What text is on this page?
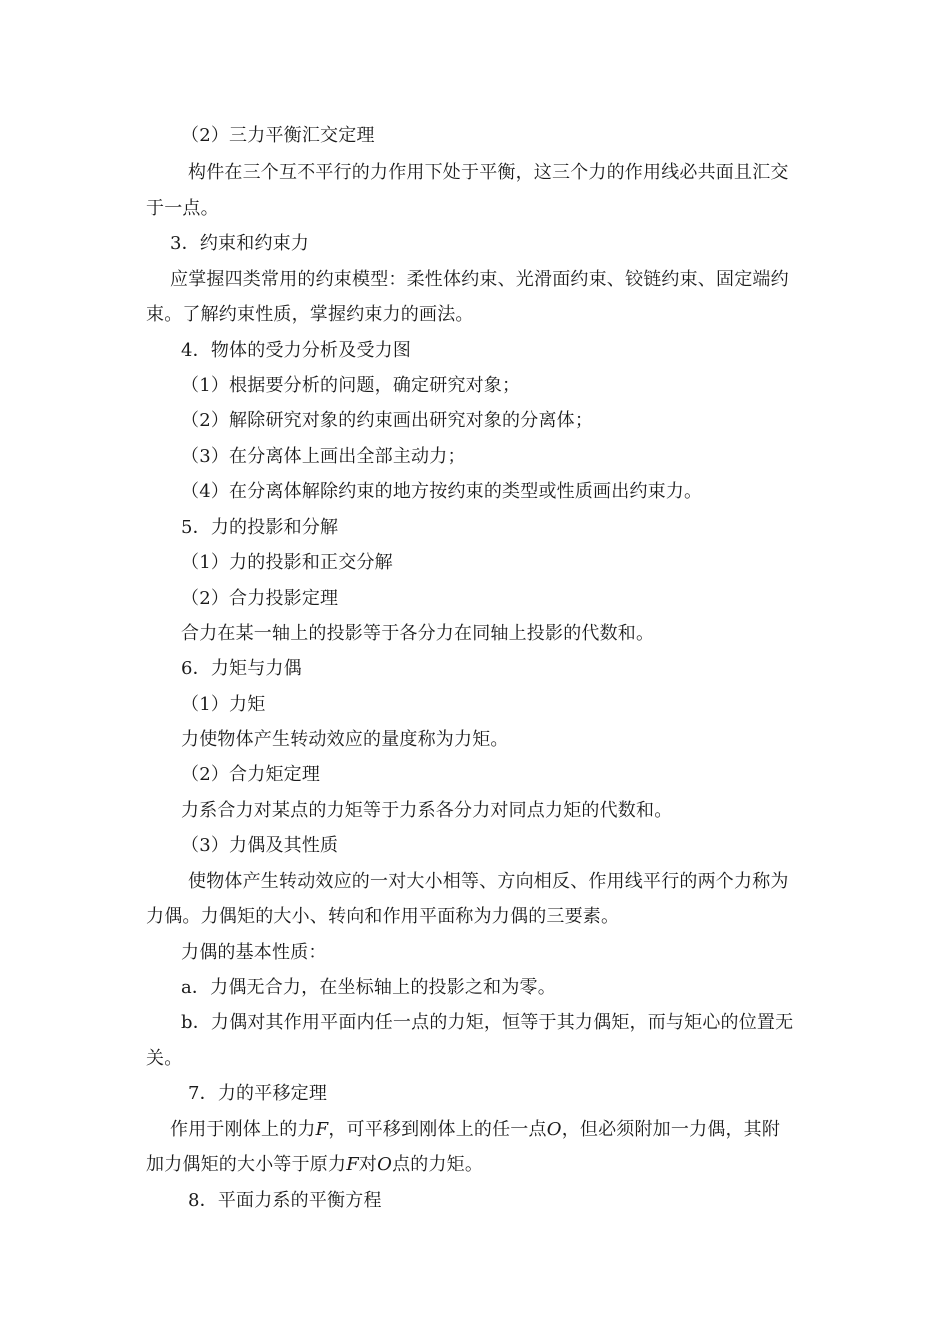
（2）三力平衡汇交定理
构件在三个互不平行的力作用下处于平衡，这三个力的作用线必共面且汇交
于一点。
3．约束和约束力
应掌握四类常用的约束模型：柔性体约束、光滑面约束、铰链约束、固定端约
束。了解约束性质，掌握约束力的画法。
4．物体的受力分析及受力图
（1）根据要分析的问题，确定研究对象；
（2）解除研究对象的约束画出研究对象的分离体；
（3）在分离体上画出全部主动力；
（4）在分离体解除约束的地方按约束的类型或性质画出约束力。
5．力的投影和分解
（1）力的投影和正交分解
（2）合力投影定理
合力在某一轴上的投影等于各分力在同轴上投影的代数和。
6．力矩与力偶
（1）力矩
力使物体产生转动效应的量度称为力矩。
（2）合力矩定理
力系合力对某点的力矩等于力系各分力对同点力矩的代数和。
（3）力偶及其性质
使物体产生转动效应的一对大小相等、方向相反、作用线平行的两个力称为
力偶。力偶矩的大小、转向和作用平面称为力偶的三要素。
力偶的基本性质：
a．力偶无合力，在坐标轴上的投影之和为零。
b．力偶对其作用平面内任一点的力矩，恒等于其力偶矩，而与矩心的位置无
关。
7．力的平移定理
作用于刚体上的力F，可平移到刚体上的任一点O，但必须附加一力偶，其附
加力偶矩的大小等于原力F对O点的力矩。
8．平面力系的平衡方程
